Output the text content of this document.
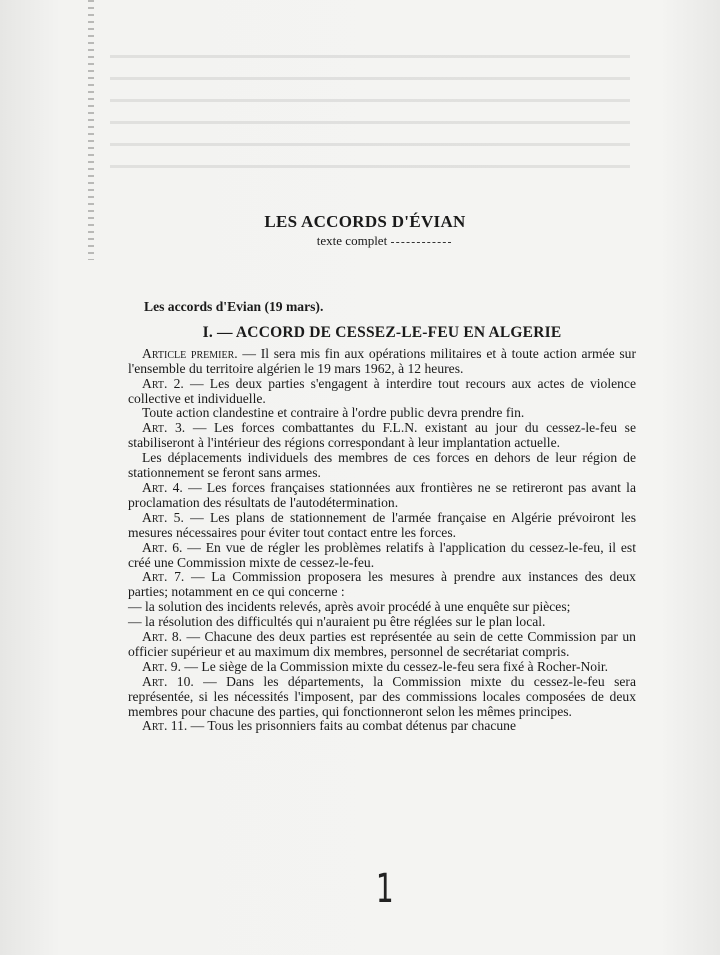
LES ACCORDS D'ÉVIAN
texte complet
Les accords d'Evian (19 mars).
I. — ACCORD DE CESSEZ-LE-FEU EN ALGERIE

Article premier. — Il sera mis fin aux opérations militaires et à toute action armée sur l'ensemble du territoire algérien le 19 mars 1962, à 12 heures.

Art. 2. — Les deux parties s'engagent à interdire tout recours aux actes de violence collective et individuelle.

Toute action clandestine et contraire à l'ordre public devra prendre fin.

Art. 3. — Les forces combattantes du F.L.N. existant au jour du cessez-le-feu se stabiliseront à l'intérieur des régions correspondant à leur implantation actuelle.

Les déplacements individuels des membres de ces forces en dehors de leur région de stationnement se feront sans armes.

Art. 4. — Les forces françaises stationnées aux frontières ne se retireront pas avant la proclamation des résultats de l'autodétermination.

Art. 5. — Les plans de stationnement de l'armée française en Algérie prévoiront les mesures nécessaires pour éviter tout contact entre les forces.

Art. 6. — En vue de régler les problèmes relatifs à l'application du cessez-le-feu, il est créé une Commission mixte de cessez-le-feu.

Art. 7. — La Commission proposera les mesures à prendre aux instances des deux parties; notamment en ce qui concerne :

— la solution des incidents relevés, après avoir procédé à une enquête sur pièces;

— la résolution des difficultés qui n'auraient pu être réglées sur le plan local.

Art. 8. — Chacune des deux parties est représentée au sein de cette Commission par un officier supérieur et au maximum dix membres, personnel de secrétariat compris.

Art. 9. — Le siège de la Commission mixte du cessez-le-feu sera fixé à Rocher-Noir.

Art. 10. — Dans les départements, la Commission mixte du cessez-le-feu sera représentée, si les nécessités l'imposent, par des commissions locales composées de deux membres pour chacune des parties, qui fonctionneront selon les mêmes principes.

Art. 11. — Tous les prisonniers faits au combat détenus par chacune

1
